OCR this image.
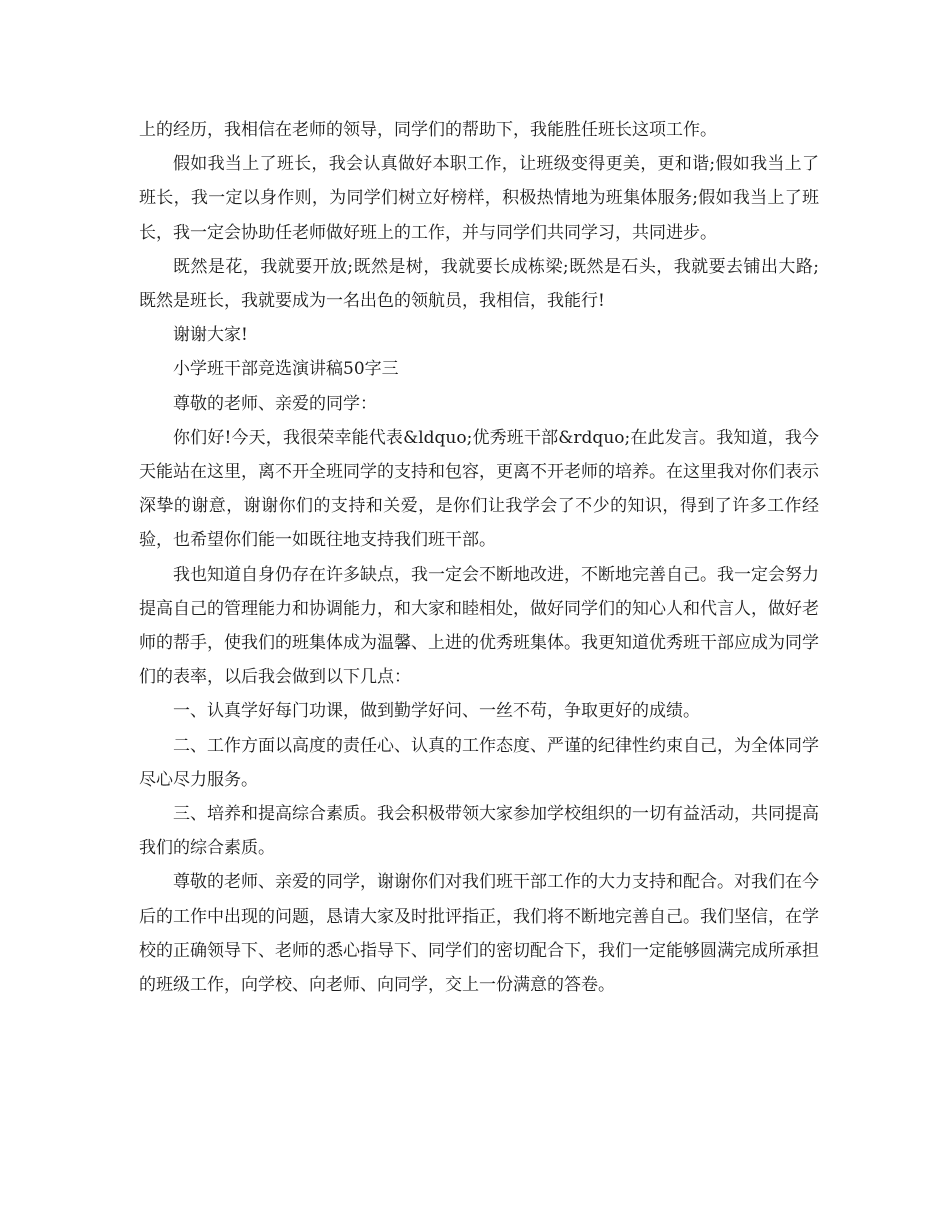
上的经历，我相信在老师的领导，同学们的帮助下，我能胜任班长这项工作。

假如我当上了班长，我会认真做好本职工作，让班级变得更美，更和谐;假如我当上了班长，我一定以身作则，为同学们树立好榜样，积极热情地为班集体服务;假如我当上了班长，我一定会协助任老师做好班上的工作，并与同学们共同学习，共同进步。

既然是花，我就要开放;既然是树，我就要长成栋梁;既然是石头，我就要去铺出大路;既然是班长，我就要成为一名出色的领航员，我相信，我能行!

谢谢大家!

小学班干部竞选演讲稿50字三

尊敬的老师、亲爱的同学：

你们好!今天，我很荣幸能代表&ldquo;优秀班干部&rdquo;在此发言。我知道，我今天能站在这里，离不开全班同学的支持和包容，更离不开老师的培养。在这里我对你们表示深挚的谢意，谢谢你们的支持和关爱，是你们让我学会了不少的知识，得到了许多工作经验，也希望你们能一如既往地支持我们班干部。

我也知道自身仍存在许多缺点，我一定会不断地改进，不断地完善自己。我一定会努力提高自己的管理能力和协调能力，和大家和睦相处，做好同学们的知心人和代言人，做好老师的帮手，使我们的班集体成为温馨、上进的优秀班集体。我更知道优秀班干部应成为同学们的表率，以后我会做到以下几点：

一、认真学好每门功课，做到勤学好问、一丝不苟，争取更好的成绩。

二、工作方面以高度的责任心、认真的工作态度、严谨的纪律性约束自己，为全体同学尽心尽力服务。

三、培养和提高综合素质。我会积极带领大家参加学校组织的一切有益活动，共同提高我们的综合素质。

尊敬的老师、亲爱的同学，谢谢你们对我们班干部工作的大力支持和配合。对我们在今后的工作中出现的问题，恳请大家及时批评指正，我们将不断地完善自己。我们坚信，在学校的正确领导下、老师的悉心指导下、同学们的密切配合下，我们一定能够圆满完成所承担的班级工作，向学校、向老师、向同学，交上一份满意的答卷。
